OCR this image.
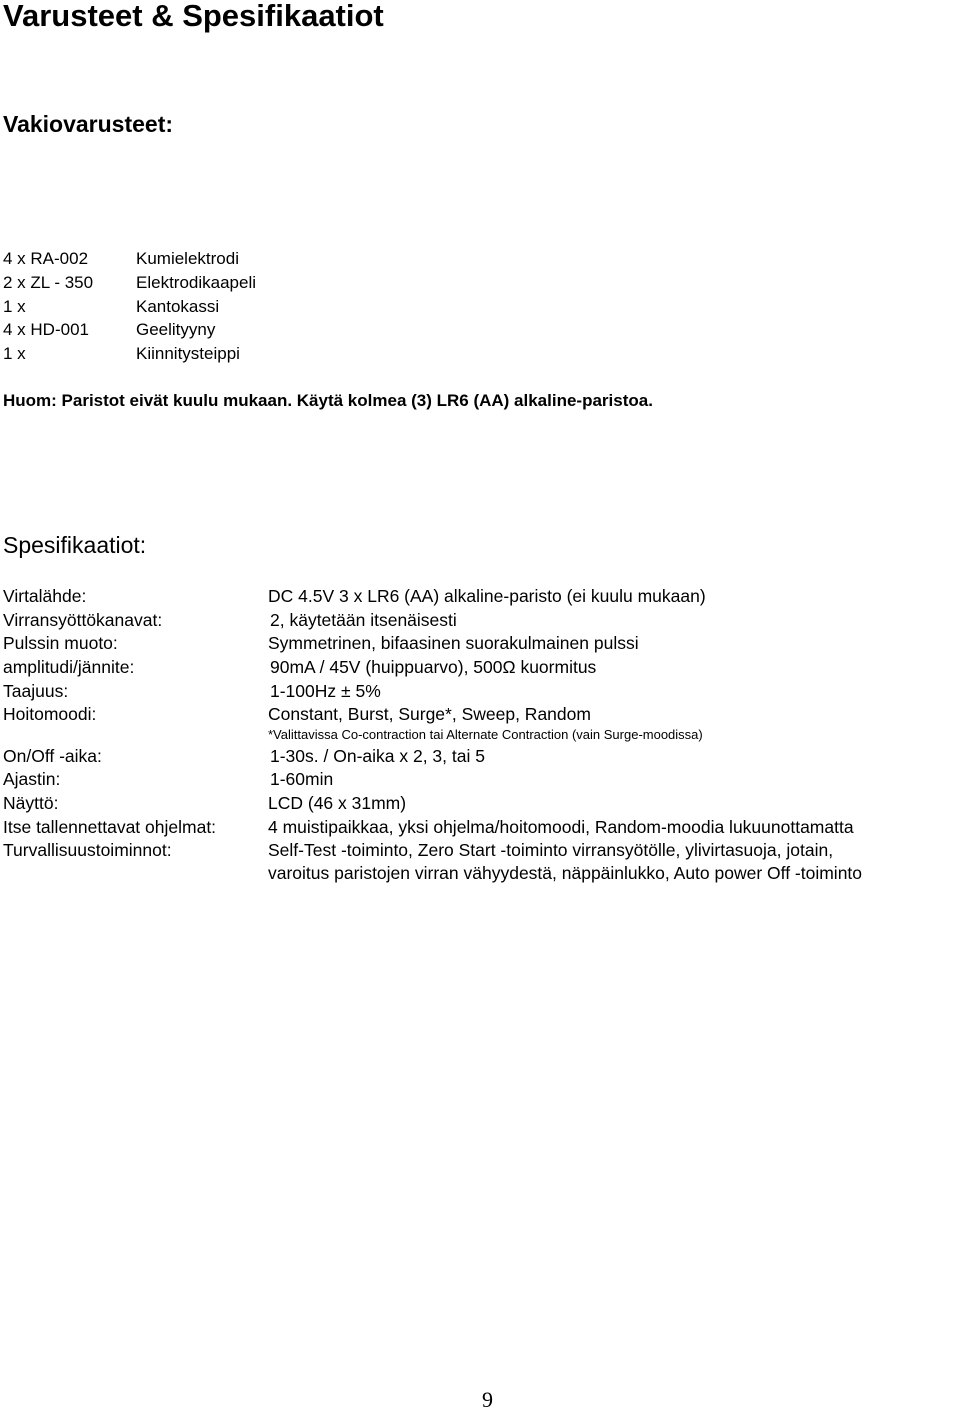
Varusteet & Spesifikaatiot
Vakiovarusteet:
4 x RA-002	Kumielektrodi
2 x ZL - 350	Elektrodikaapeli
1 x	Kantokassi
4 x HD-001	Geelityyny
1 x	Kiinnitysteippi
Huom: Paristot eivät kuulu mukaan. Käytä kolmea (3) LR6 (AA) alkaline-paristoa.
Spesifikaatiot:
Virtalähde:	DC 4.5V 3 x LR6 (AA) alkaline-paristo (ei kuulu mukaan)
Virransyöttökanavat:	2, käytetään itsenäisesti
Pulssin muoto:	Symmetrinen, bifaasinen suorakulmainen pulssi
amplitudi/jännite:	90mA / 45V (huippuarvo), 500Ω kuormitus
Taajuus:	1-100Hz ± 5%
Hoitomoodi:	Constant, Burst, Surge*, Sweep, Random
*Valittavissa Co-contraction tai Alternate Contraction (vain Surge-moodissa)
On/Off -aika:	1-30s. / On-aika x 2, 3, tai 5
Ajastin:	1-60min
Näyttö:	LCD (46 x 31mm)
Itse tallennettavat ohjelmat:	4 muistipaikkaa, yksi ohjelma/hoitomoodi, Random-moodia lukuunottamatta
Turvallisuustoiminnot:	Self-Test -toiminto, Zero Start -toiminto virransyötölle, ylivirtasuoja, jotain,
varoitus paristojen virran vähyydestä, näppäinlukko, Auto power Off -toiminto
9
